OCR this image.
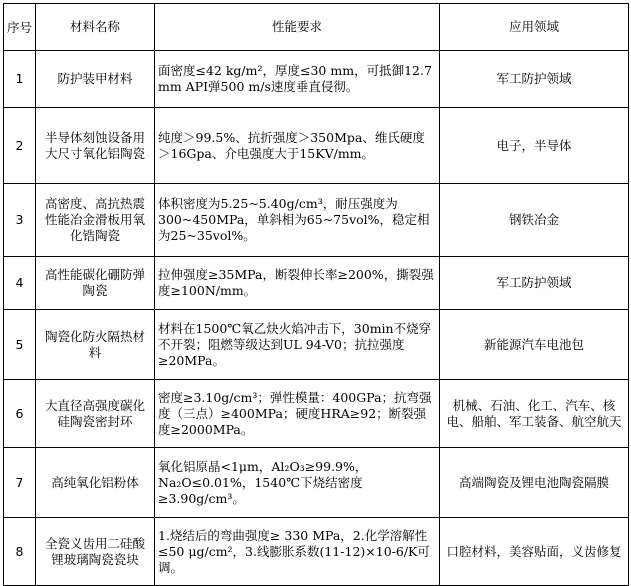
序号	材料名称	性能要求	应用领域
1	防护装甲材料	面密度≤42 kg/m²，厚度≤30 mm，可抵御12.7 mm API弹500 m/s速度垂直侵彻。	军工防护领域
2	半导体刻蚀设备用大尺寸氧化铝陶瓷	纯度＞99.5%、抗折强度＞350Mpa、维氏硬度＞16Gpa、介电强度大于15KV/mm。	电子，半导体
3	高密度、高抗热震性能冶金滑板用氧化锆陶瓷	体积密度为5.25~5.40g/cm³，耐压强度为300~450MPa，单斜相为65~75vol%，稳定相为25~35vol%。	钢铁冶金
4	高性能碳化硼防弹陶瓷	拉伸强度≥35MPa，断裂伸长率≥200%，撕裂强度≥100N/mm。	军工防护领域
5	陶瓷化防火隔热材料	材料在1500℃氧乙炔火焰冲击下，30min不烧穿不开裂；阻燃等级达到UL 94-V0；抗拉强度≥20MPa。	新能源汽车电池包
6	大直径高强度碳化硅陶瓷密封环	密度≥3.10g/cm³；弹性模量：400GPa；抗弯强度（三点）≥400MPa；硬度HRA≥92；断裂强度≥2000MPa。	机械、石油、化工、汽车、核电、船舶、军工装备、航空航天
7	高纯氧化铝粉体	氧化铝原晶<1μm，Al₂O₃≥99.9%，Na₂O≤0.01%，1540℃下烧结密度≥3.90g/cm³。	高端陶瓷及锂电池陶瓷隔膜
8	全瓷义齿用二硅酸锂玻璃陶瓷瓷块	1.烧结后的弯曲强度≥ 330 MPa，2.化学溶解性≤50 μg/cm²，3.线膨胀系数(11-12)×10-6/K可调。	口腔材料，美容贴面，义齿修复
